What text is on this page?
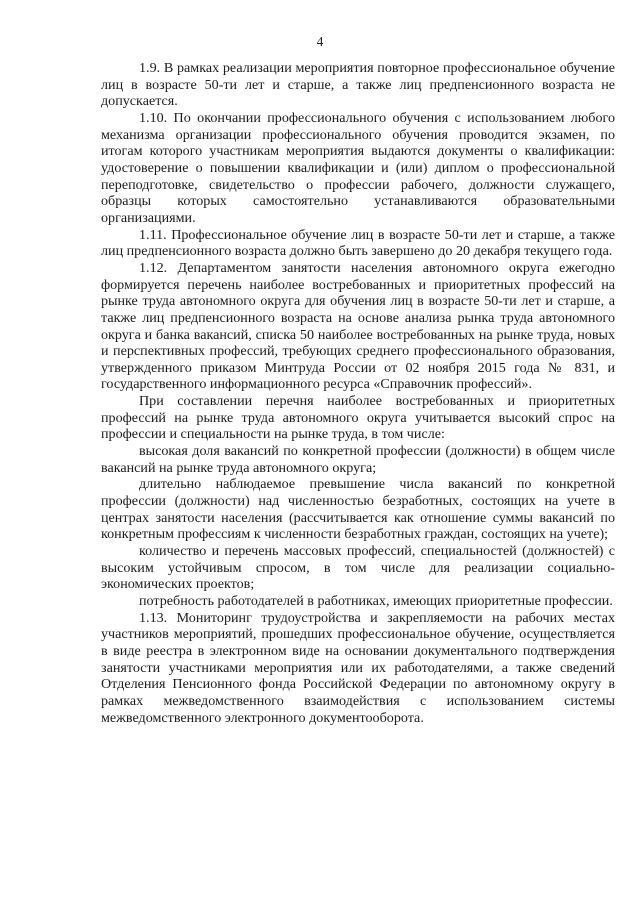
4

1.9. В рамках реализации мероприятия повторное профессиональное обучение лиц в возрасте 50-ти лет и старше, а также лиц предпенсионного возраста не допускается.

1.10. По окончании профессионального обучения с использованием любого механизма организации профессионального обучения проводится экзамен, по итогам которого участникам мероприятия выдаются документы о квалификации: удостоверение о повышении квалификации и (или) диплом о профессиональной переподготовке, свидетельство о профессии рабочего, должности служащего, образцы которых самостоятельно устанавливаются образовательными организациями.

1.11. Профессиональное обучение лиц в возрасте 50-ти лет и старше, а также лиц предпенсионного возраста должно быть завершено до 20 декабря текущего года.

1.12. Департаментом занятости населения автономного округа ежегодно формируется перечень наиболее востребованных и приоритетных профессий на рынке труда автономного округа для обучения лиц в возрасте 50-ти лет и старше, а также лиц предпенсионного возраста на основе анализа рынка труда автономного округа и банка вакансий, списка 50 наиболее востребованных на рынке труда, новых и перспективных профессий, требующих среднего профессионального образования, утвержденного приказом Минтруда России от 02 ноября 2015 года № 831, и государственного информационного ресурса «Справочник профессий».

При составлении перечня наиболее востребованных и приоритетных профессий на рынке труда автономного округа учитывается высокий спрос на профессии и специальности на рынке труда, в том числе:

высокая доля вакансий по конкретной профессии (должности) в общем числе вакансий на рынке труда автономного округа;

длительно наблюдаемое превышение числа вакансий по конкретной профессии (должности) над численностью безработных, состоящих на учете в центрах занятости населения (рассчитывается как отношение суммы вакансий по конкретным профессиям к численности безработных граждан, состоящих на учете);

количество и перечень массовых профессий, специальностей (должностей) с высоким устойчивым спросом, в том числе для реализации социально-экономических проектов;

потребность работодателей в работниках, имеющих приоритетные профессии.

1.13. Мониторинг трудоустройства и закрепляемости на рабочих местах участников мероприятий, прошедших профессиональное обучение, осуществляется в виде реестра в электронном виде на основании документального подтверждения занятости участниками мероприятия или их работодателями, а также сведений Отделения Пенсионного фонда Российской Федерации по автономному округу в рамках межведомственного взаимодействия с использованием системы межведомственного электронного документооборота.
